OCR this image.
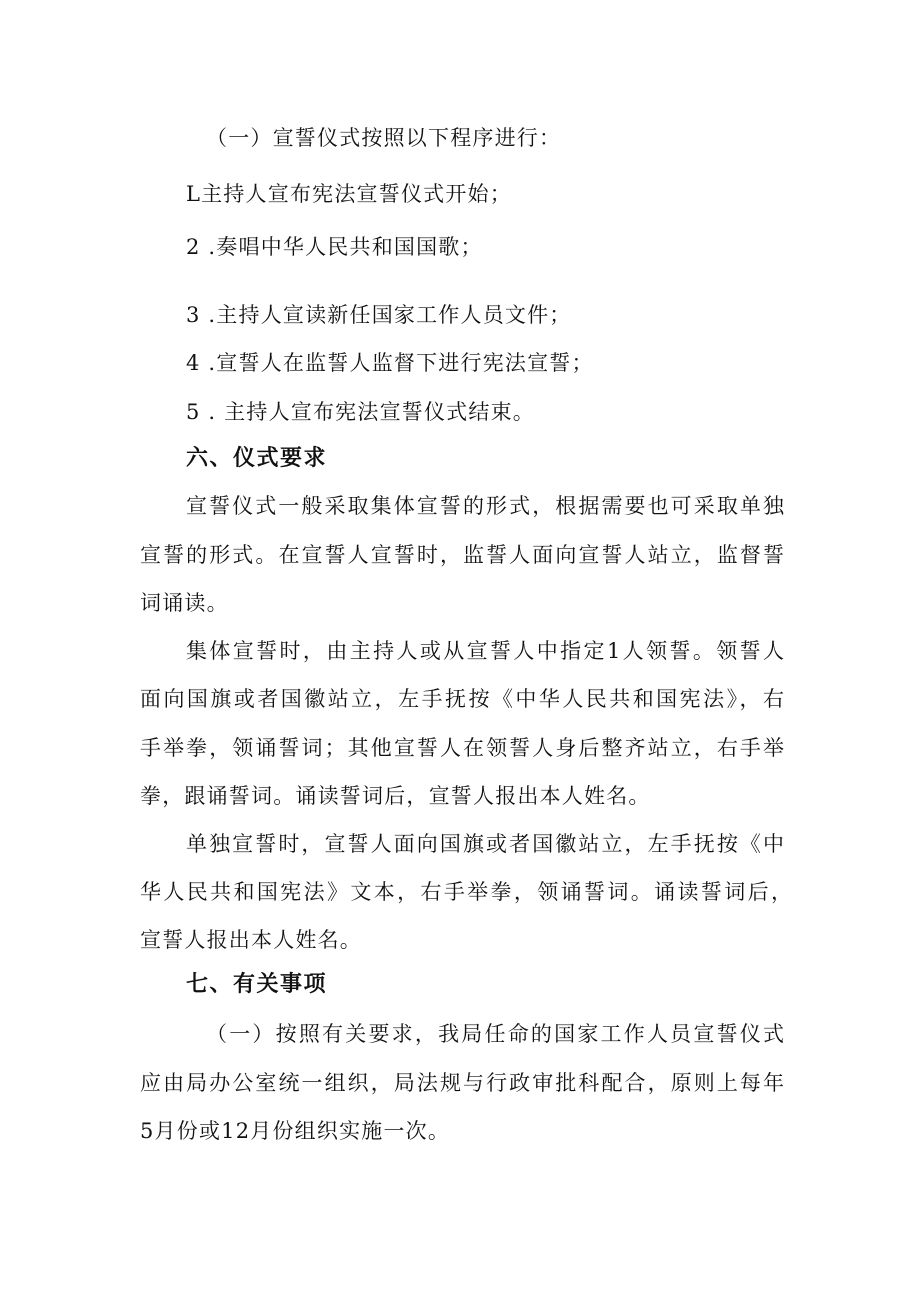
（一）宣誓仪式按照以下程序进行：
L主持人宣布宪法宣誓仪式开始；
2 .奏唱中华人民共和国国歌；
3 .主持人宣读新任国家工作人员文件；
4 .宣誓人在监誓人监督下进行宪法宣誓；
5 . 主持人宣布宪法宣誓仪式结束。
六、仪式要求
宣誓仪式一般采取集体宣誓的形式，根据需要也可采取单独
宣誓的形式。在宣誓人宣誓时，监誓人面向宣誓人站立，监督誓
词诵读。
集体宣誓时，由主持人或从宣誓人中指定1人领誓。领誓人
面向国旗或者国徽站立，左手抚按《中华人民共和国宪法》，右
手举拳，领诵誓词；其他宣誓人在领誓人身后整齐站立，右手举
拳，跟诵誓词。诵读誓词后，宣誓人报出本人姓名。
单独宣誓时，宣誓人面向国旗或者国徽站立，左手抚按《中
华人民共和国宪法》文本，右手举拳，领诵誓词。诵读誓词后，
宣誓人报出本人姓名。
七、有关事项
（一）按照有关要求，我局任命的国家工作人员宣誓仪式
应由局办公室统一组织，局法规与行政审批科配合，原则上每年
5月份或12月份组织实施一次。
